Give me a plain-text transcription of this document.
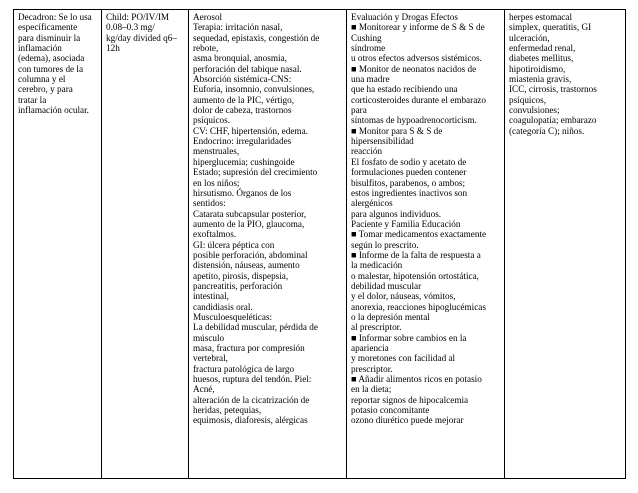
Decadron: Se lo usa
específicamente
para disminuir la
inflamación
(edema), asociada
con tumores de la
columna y el
cerebro, y para
tratar la
inflamación ocular.
Child: PO/IV/IM
0.08–0.3 mg/
kg/day divided q6–
12h
Aerosol
Terapia: irritación nasal,
sequedad, epistaxis, congestión de
rebote,
asma bronquial, anosmia,
perforación del tabique nasal.
Absorción sistémica-CNS:
Euforia, insomnio, convulsiones,
aumento de la PIC, vértigo,
dolor de cabeza, trastornos
psíquicos.
CV: CHF, hipertensión, edema.
Endocrino: irregularidades
menstruales,
hiperglucemia; cushingoide
Estado; supresión del crecimiento
en los niños;
hirsutismo. Órganos de los
sentidos:
Catarata subcapsular posterior,
aumento de la PIO, glaucoma,
exoftalmos.
GI: úlcera péptica con
posible perforación, abdominal
distensión, náuseas, aumento
apetito, pirosis, dispepsia,
pancreatitis, perforación
intestinal,
candidiasis oral.
Musculoesqueléticas:
La debilidad muscular, pérdida de
músculo
masa, fractura por compresión
vertebral,
fractura patológica de largo
huesos, ruptura del tendón. Piel:
Acné,
alteración de la cicatrización de
heridas, petequias,
equimosis, diaforesis, alérgicas
Evaluación y Drogas Efectos
■ Monitorear y informe de S & S de
Cushing
síndrome
u otros efectos adversos sistémicos.
■ Monitor de neonatos nacidos de
una madre
que ha estado recibiendo una
corticosteroides durante el embarazo
para
síntomas de hypoadrenocorticism.
■ Monitor para S & S de
hipersensibilidad
reacción
El fosfato de sodio y acetato de
formulaciones pueden contener
bisulfitos, parabenos, o ambos;
estos ingredientes inactivos son
alergénicos
para algunos individuos.
Paciente y Familia Educación
■ Tomar medicamentos exactamente
según lo prescrito.
■ Informe de la falta de respuesta a
la medicación
o malestar, hipotensión ortostática,
debilidad muscular
y el dolor, náuseas, vómitos,
anorexia, reacciones hipoglucémicas
o la depresión mental
al prescriptor.
■ Informar sobre cambios en la
apariencia
y moretones con facilidad al
prescriptor.
■ Añadir alimentos ricos en potasio
en la dieta;
reportar signos de hipocalcemia
potasio concomitante
ozono diurético puede mejorar
herpes estomacal
simplex, queratitis, GI
ulceración,
enfermedad renal,
diabetes mellitus,
hipotiroidismo,
miastenia gravis,
ICC, cirrosis, trastornos
psíquicos,
convulsiones;
coagulopatía; embarazo
(categoría C); niños.
